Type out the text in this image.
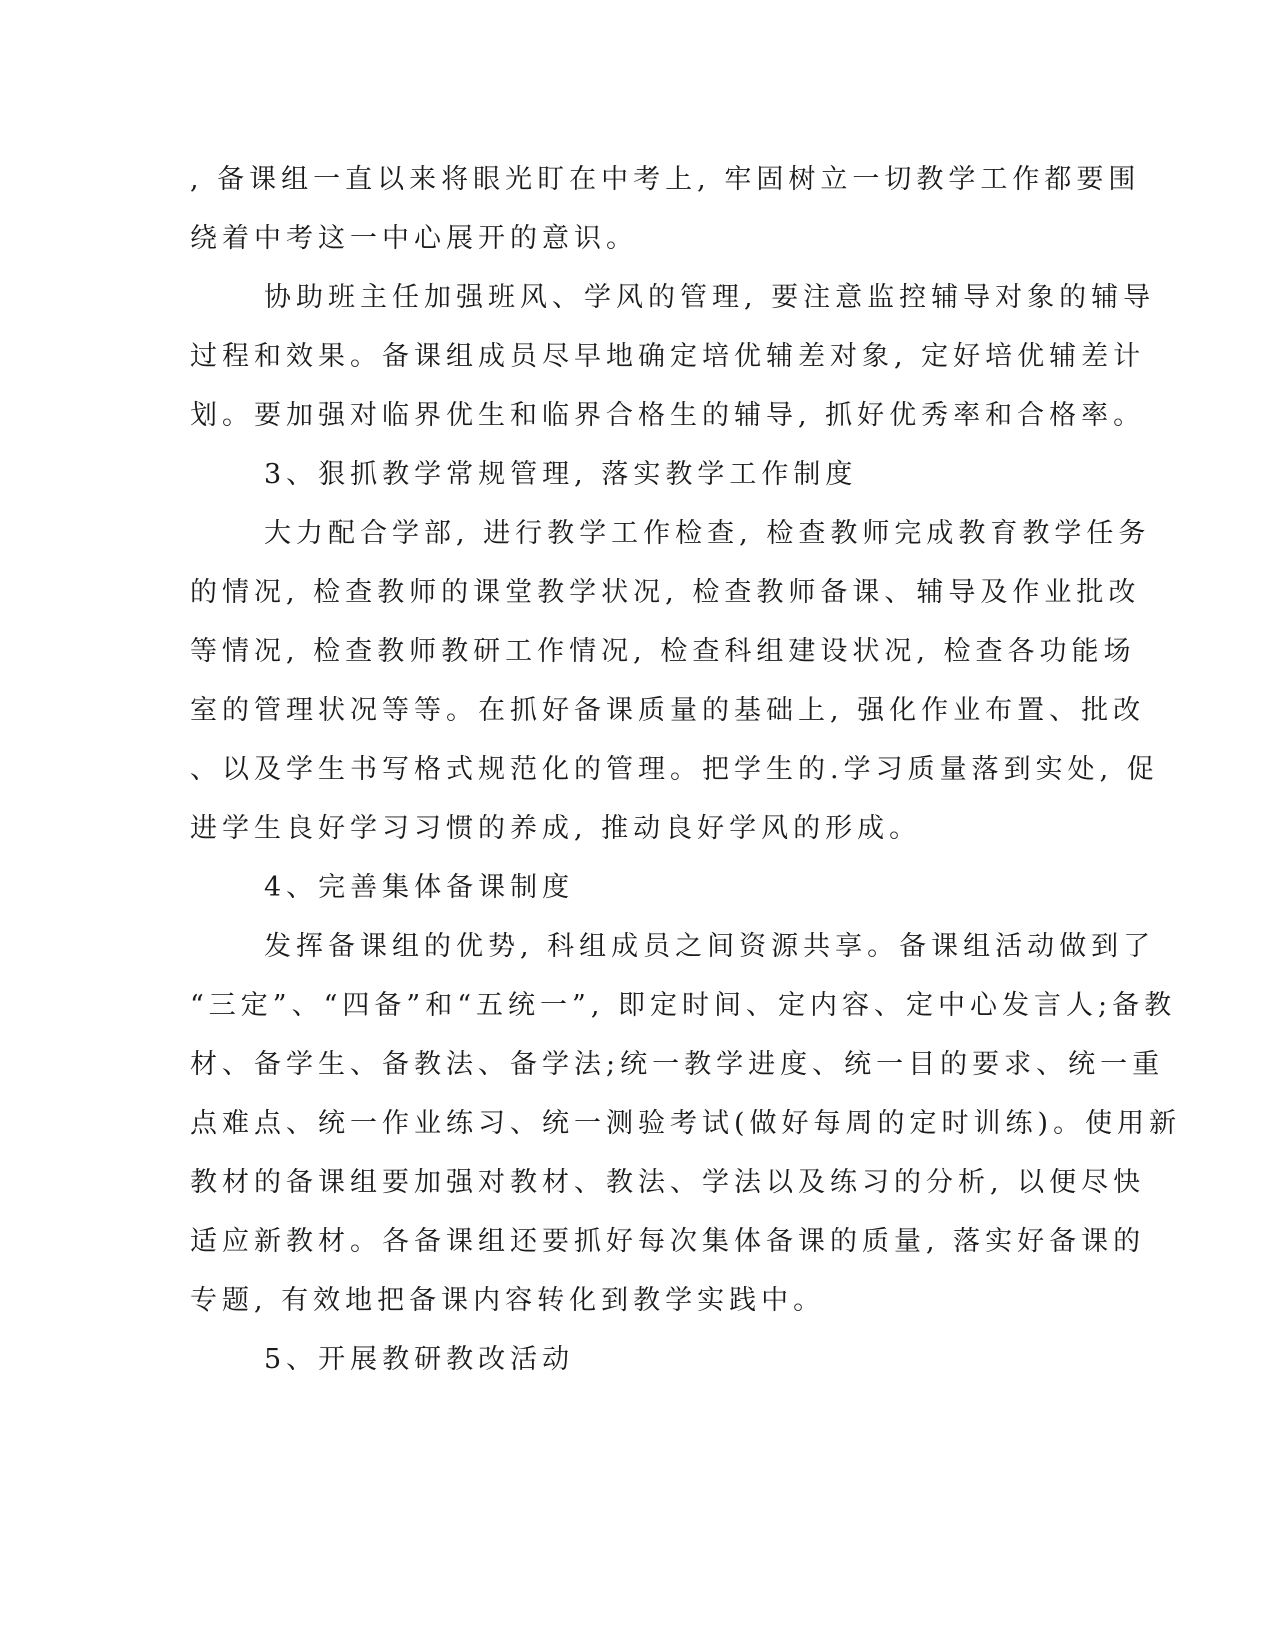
, 备课组一直以来将眼光盯在中考上, 牢固树立一切教学工作都要围

绕着中考这一中心展开的意识。

协助班主任加强班风、学风的管理, 要注意监控辅导对象的辅导

过程和效果。备课组成员尽早地确定培优辅差对象, 定好培优辅差计

划。要加强对临界优生和临界合格生的辅导, 抓好优秀率和合格率。

3、狠抓教学常规管理, 落实教学工作制度

大力配合学部, 进行教学工作检查, 检查教师完成教育教学任务

的情况, 检查教师的课堂教学状况, 检查教师备课、辅导及作业批改

等情况, 检查教师教研工作情况, 检查科组建设状况, 检查各功能场

室的管理状况等等。在抓好备课质量的基础上, 强化作业布置、批改

、以及学生书写格式规范化的管理。把学生的.学习质量落到实处, 促

进学生良好学习习惯的养成, 推动良好学风的形成。

4、完善集体备课制度

发挥备课组的优势, 科组成员之间资源共享。备课组活动做到了

“三定”、“四备”和“五统一”, 即定时间、定内容、定中心发言人;备教

材、备学生、备教法、备学法;统一教学进度、统一目的要求、统一重

点难点、统一作业练习、统一测验考试(做好每周的定时训练)。使用新

教材的备课组要加强对教材、教法、学法以及练习的分析, 以便尽快

适应新教材。各备课组还要抓好每次集体备课的质量, 落实好备课的

专题, 有效地把备课内容转化到教学实践中。

5、开展教研教改活动
